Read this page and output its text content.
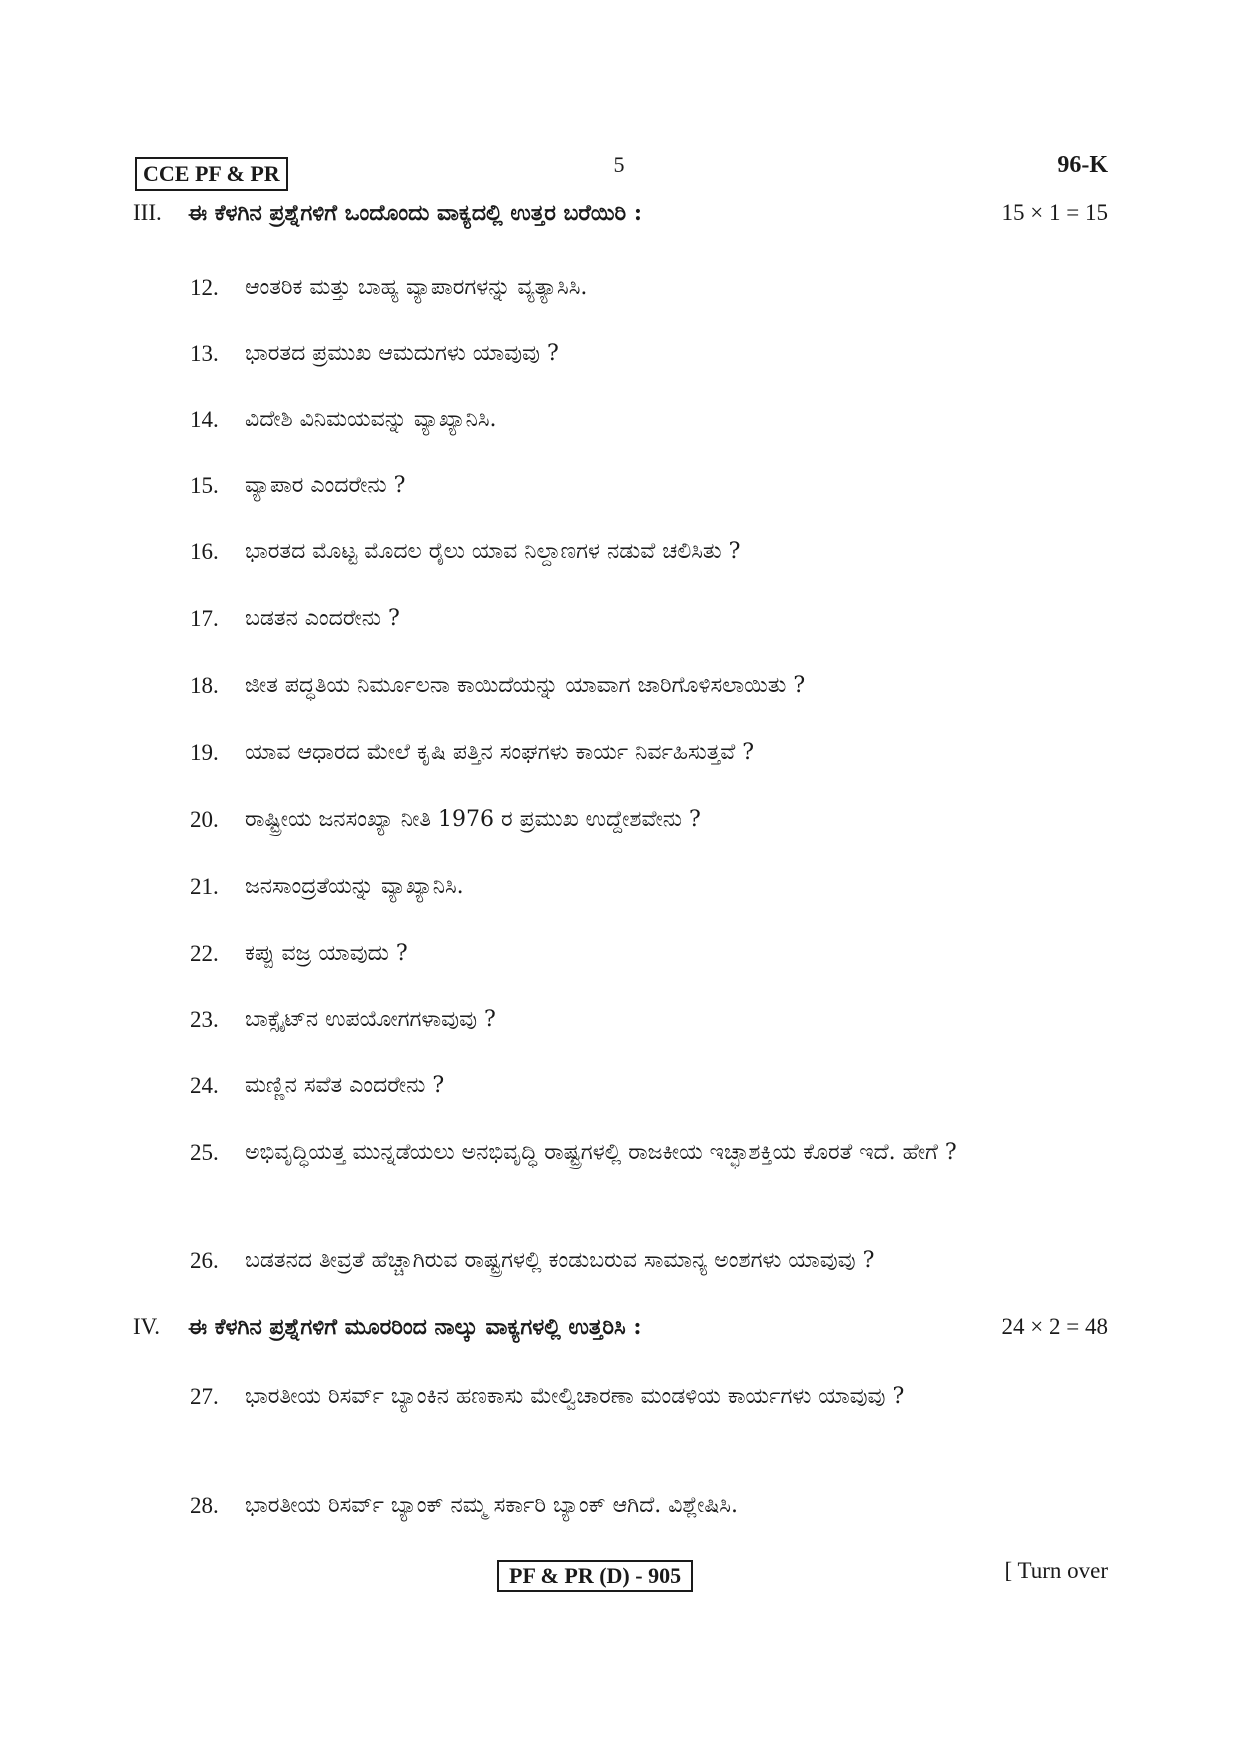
CCE PF & PR	5	96-K
III. ಈ ಕೆಳಗಿನ ಪ್ರಶ್ನೆಗಳಿಗೆ ಒಂದೊಂದು ವಾಕ್ಯದಲ್ಲಿ ಉತ್ತರ ಬರೆಯಿರಿ :	15 × 1 = 15
12. ಆಂತರಿಕ ಮತ್ತು ಬಾಹ್ಯ ವ್ಯಾಪಾರಗಳನ್ನು ವ್ಯತ್ಯಾಸಿಸಿ.
13. ಭಾರತದ ಪ್ರಮುಖ ಆಮದುಗಳು ಯಾವುವು ?
14. ವಿದೇಶಿ ವಿನಿಮಯವನ್ನು ವ್ಯಾಖ್ಯಾನಿಸಿ.
15. ವ್ಯಾಪಾರ ಎಂದರೇನು ?
16. ಭಾರತದ ಮೊಟ್ಟ ಮೊದಲ ರೈಲು ಯಾವ ನಿಲ್ದಾಣಗಳ ನಡುವೆ ಚಲಿಸಿತು ?
17. ಬಡತನ ಎಂದರೇನು ?
18. ಜೀತ ಪದ್ಧತಿಯ ನಿರ್ಮೂಲನಾ ಕಾಯಿದೆಯನ್ನು ಯಾವಾಗ ಜಾರಿಗೊಳಿಸಲಾಯಿತು ?
19. ಯಾವ ಆಧಾರದ ಮೇಲೆ ಕೃಷಿ ಪತ್ತಿನ ಸಂಘಗಳು ಕಾರ್ಯ ನಿರ್ವಹಿಸುತ್ತವೆ ?
20. ರಾಷ್ಟ್ರೀಯ ಜನಸಂಖ್ಯಾ ನೀತಿ 1976 ರ ಪ್ರಮುಖ ಉದ್ದೇಶವೇನು ?
21. ಜನಸಾಂದ್ರತೆಯನ್ನು ವ್ಯಾಖ್ಯಾನಿಸಿ.
22. ಕಪ್ಪು ವಜ್ರ ಯಾವುದು ?
23. ಬಾಕ್ಸೈಟ್‌ನ ಉಪಯೋಗಗಳಾವುವು ?
24. ಮಣ್ಣಿನ ಸವೆತ ಎಂದರೇನು ?
25. ಅಭಿವೃದ್ಧಿಯತ್ತ ಮುನ್ನಡೆಯಲು ಅನಭಿವೃದ್ಧಿ ರಾಷ್ಟ್ರಗಳಲ್ಲಿ ರಾಜಕೀಯ ಇಚ್ಛಾಶಕ್ತಿಯ ಕೊರತೆ ಇದೆ. ಹೇಗೆ ?
26. ಬಡತನದ ತೀವ್ರತೆ ಹೆಚ್ಚಾಗಿರುವ ರಾಷ್ಟ್ರಗಳಲ್ಲಿ ಕಂಡುಬರುವ ಸಾಮಾನ್ಯ ಅಂಶಗಳು ಯಾವುವು ?
IV. ಈ ಕೆಳಗಿನ ಪ್ರಶ್ನೆಗಳಿಗೆ ಮೂರರಿಂದ ನಾಲ್ಕು ವಾಕ್ಯಗಳಲ್ಲಿ ಉತ್ತರಿಸಿ :	24 × 2 = 48
27. ಭಾರತೀಯ ರಿಸರ್ವ್ ಬ್ಯಾಂಕಿನ ಹಣಕಾಸು ಮೇಲ್ವಿಚಾರಣಾ ಮಂಡಳಿಯ ಕಾರ್ಯಗಳು ಯಾವುವು ?
28. ಭಾರತೀಯ ರಿಸರ್ವ್ ಬ್ಯಾಂಕ್ ನಮ್ಮ ಸರ್ಕಾರಿ ಬ್ಯಾಂಕ್ ಆಗಿದೆ. ವಿಶ್ಲೇಷಿಸಿ.
PF & PR (D) - 905	[ Turn over
